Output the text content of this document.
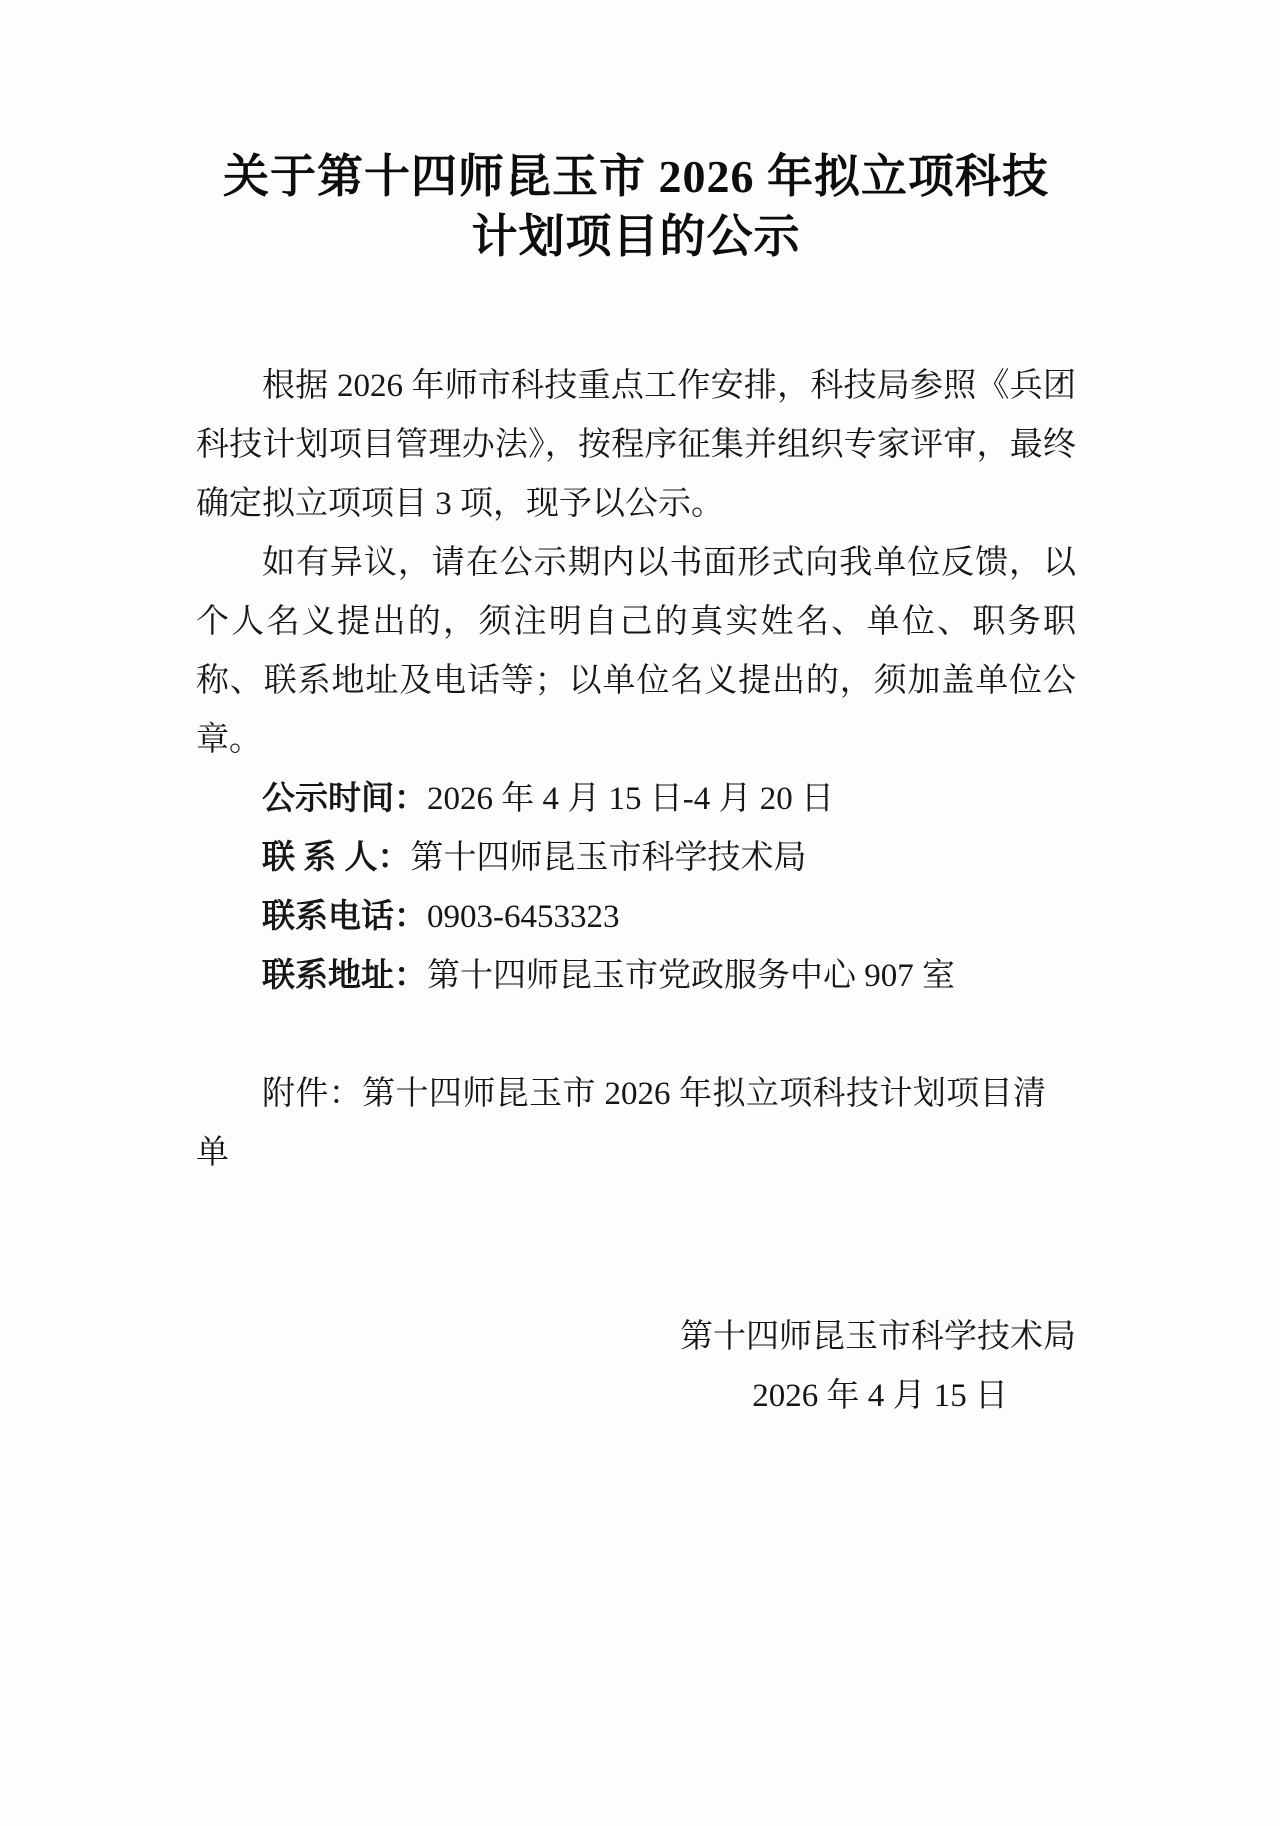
关于第十四师昆玉市 2026 年拟立项科技
计划项目的公示

根据 2026 年师市科技重点工作安排，科技局参照《兵团科技计划项目管理办法》，按程序征集并组织专家评审，最终确定拟立项项目 3 项，现予以公示。

如有异议，请在公示期内以书面形式向我单位反馈，以个人名义提出的，须注明自己的真实姓名、单位、职务职称、联系地址及电话等；以单位名义提出的，须加盖单位公章。

公示时间：2026 年 4 月 15 日-4 月 20 日

联 系 人：第十四师昆玉市科学技术局

联系电话：0903-6453323

联系地址：第十四师昆玉市党政服务中心 907 室

附件：第十四师昆玉市 2026 年拟立项科技计划项目清单

第十四师昆玉市科学技术局

2026 年 4 月 15 日
